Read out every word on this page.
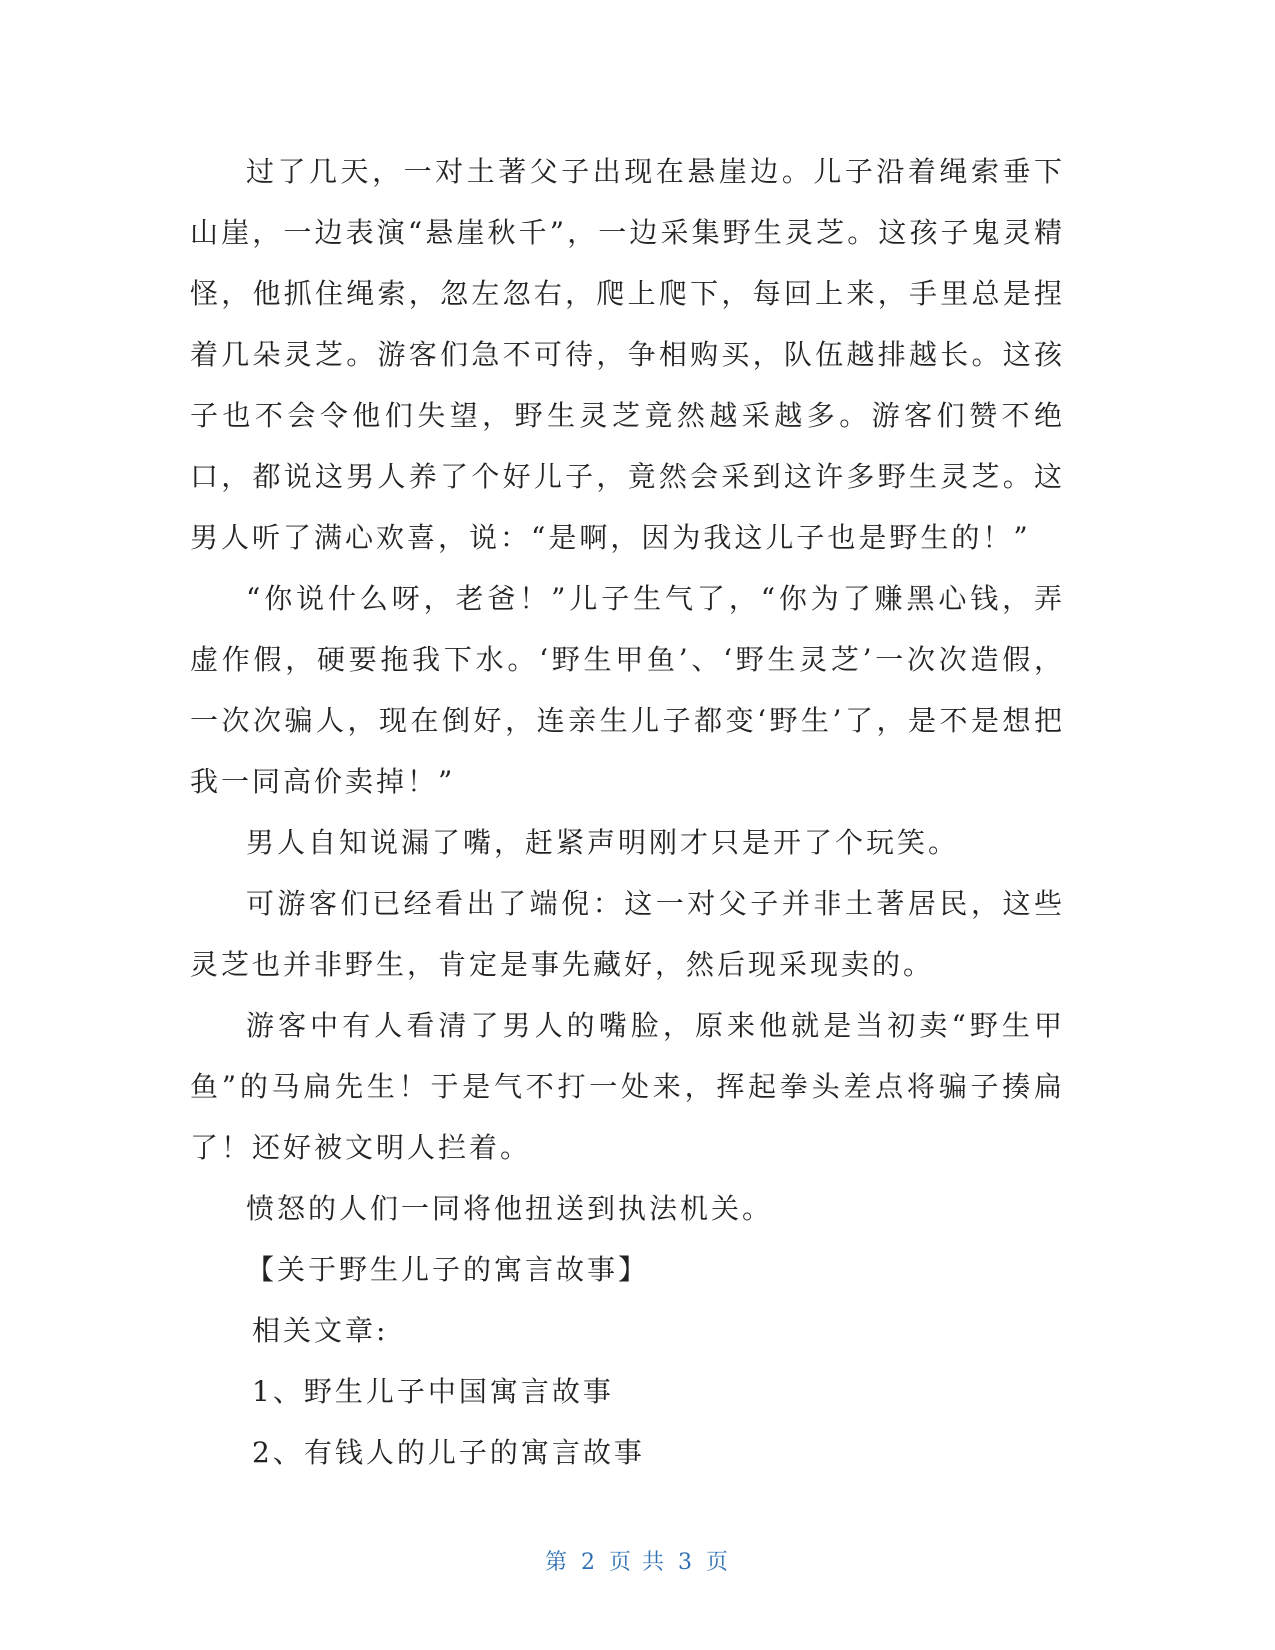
过了几天，一对土著父子出现在悬崖边。儿子沿着绳索垂下山崖，一边表演“悬崖秋千”，一边采集野生灵芝。这孩子鬼灵精怪，他抓住绳索，忽左忽右，爬上爬下，每回上来，手里总是捏着几朵灵芝。游客们急不可待，争相购买，队伍越排越长。这孩子也不会令他们失望，野生灵芝竟然越采越多。游客们赞不绝口，都说这男人养了个好儿子，竟然会采到这许多野生灵芝。这男人听了满心欢喜，说：“是啊，因为我这儿子也是野生的！”

“你说什么呀，老爸！”儿子生气了，“你为了赚黑心钱，弄虚作假，硬要拖我下水。‘野生甲鱼’、‘野生灵芝’一次次造假，一次次骗人，现在倒好，连亲生儿子都变‘野生’了，是不是想把我一同高价卖掉！”

男人自知说漏了嘴，赶紧声明刚才只是开了个玩笑。

可游客们已经看出了端倪：这一对父子并非土著居民，这些灵芝也并非野生，肯定是事先藏好，然后现采现卖的。

游客中有人看清了男人的嘴脸，原来他就是当初卖“野生甲鱼”的马扁先生！于是气不打一处来，挥起拳头差点将骗子揍扁了！还好被文明人拦着。

愤怒的人们一同将他扭送到执法机关。

【关于野生儿子的寓言故事】

相关文章:

1、野生儿子中国寓言故事

2、有钱人的儿子的寓言故事

第 2 页 共 3 页
